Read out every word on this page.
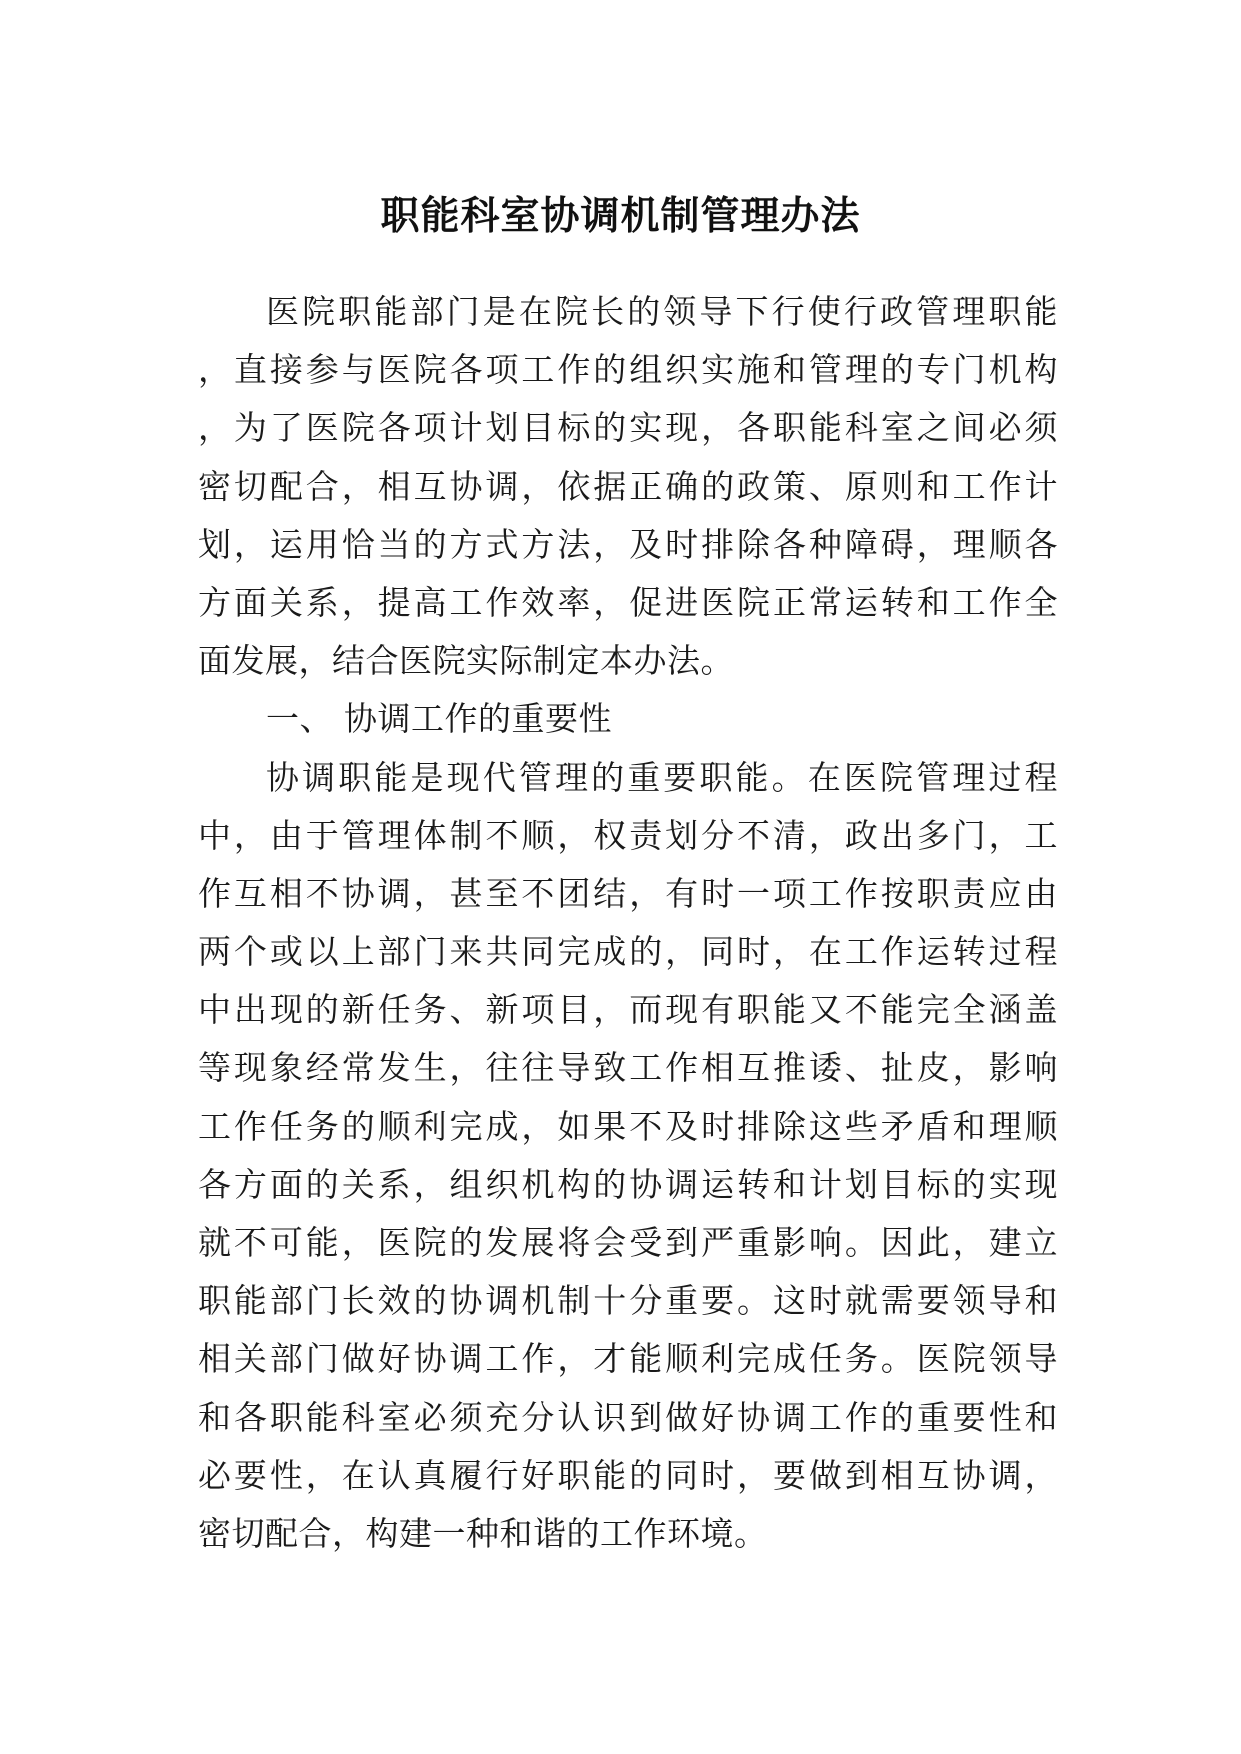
职能科室协调机制管理办法
医院职能部门是在院长的领导下行使行政管理职能
，直接参与医院各项工作的组织实施和管理的专门机构
，为了医院各项计划目标的实现，各职能科室之间必须
密切配合，相互协调，依据正确的政策、原则和工作计
划，运用恰当的方式方法，及时排除各种障碍，理顺各
方面关系，提高工作效率，促进医院正常运转和工作全
面发展，结合医院实际制定本办法。
一、 协调工作的重要性
协调职能是现代管理的重要职能。在医院管理过程
中，由于管理体制不顺，权责划分不清，政出多门，工
作互相不协调，甚至不团结，有时一项工作按职责应由
两个或以上部门来共同完成的，同时，在工作运转过程
中出现的新任务、新项目，而现有职能又不能完全涵盖
等现象经常发生，往往导致工作相互推诿、扯皮，影响
工作任务的顺利完成，如果不及时排除这些矛盾和理顺
各方面的关系，组织机构的协调运转和计划目标的实现
就不可能，医院的发展将会受到严重影响。因此，建立
职能部门长效的协调机制十分重要。这时就需要领导和
相关部门做好协调工作，才能顺利完成任务。医院领导
和各职能科室必须充分认识到做好协调工作的重要性和
必要性，在认真履行好职能的同时，要做到相互协调，
密切配合，构建一种和谐的工作环境。
